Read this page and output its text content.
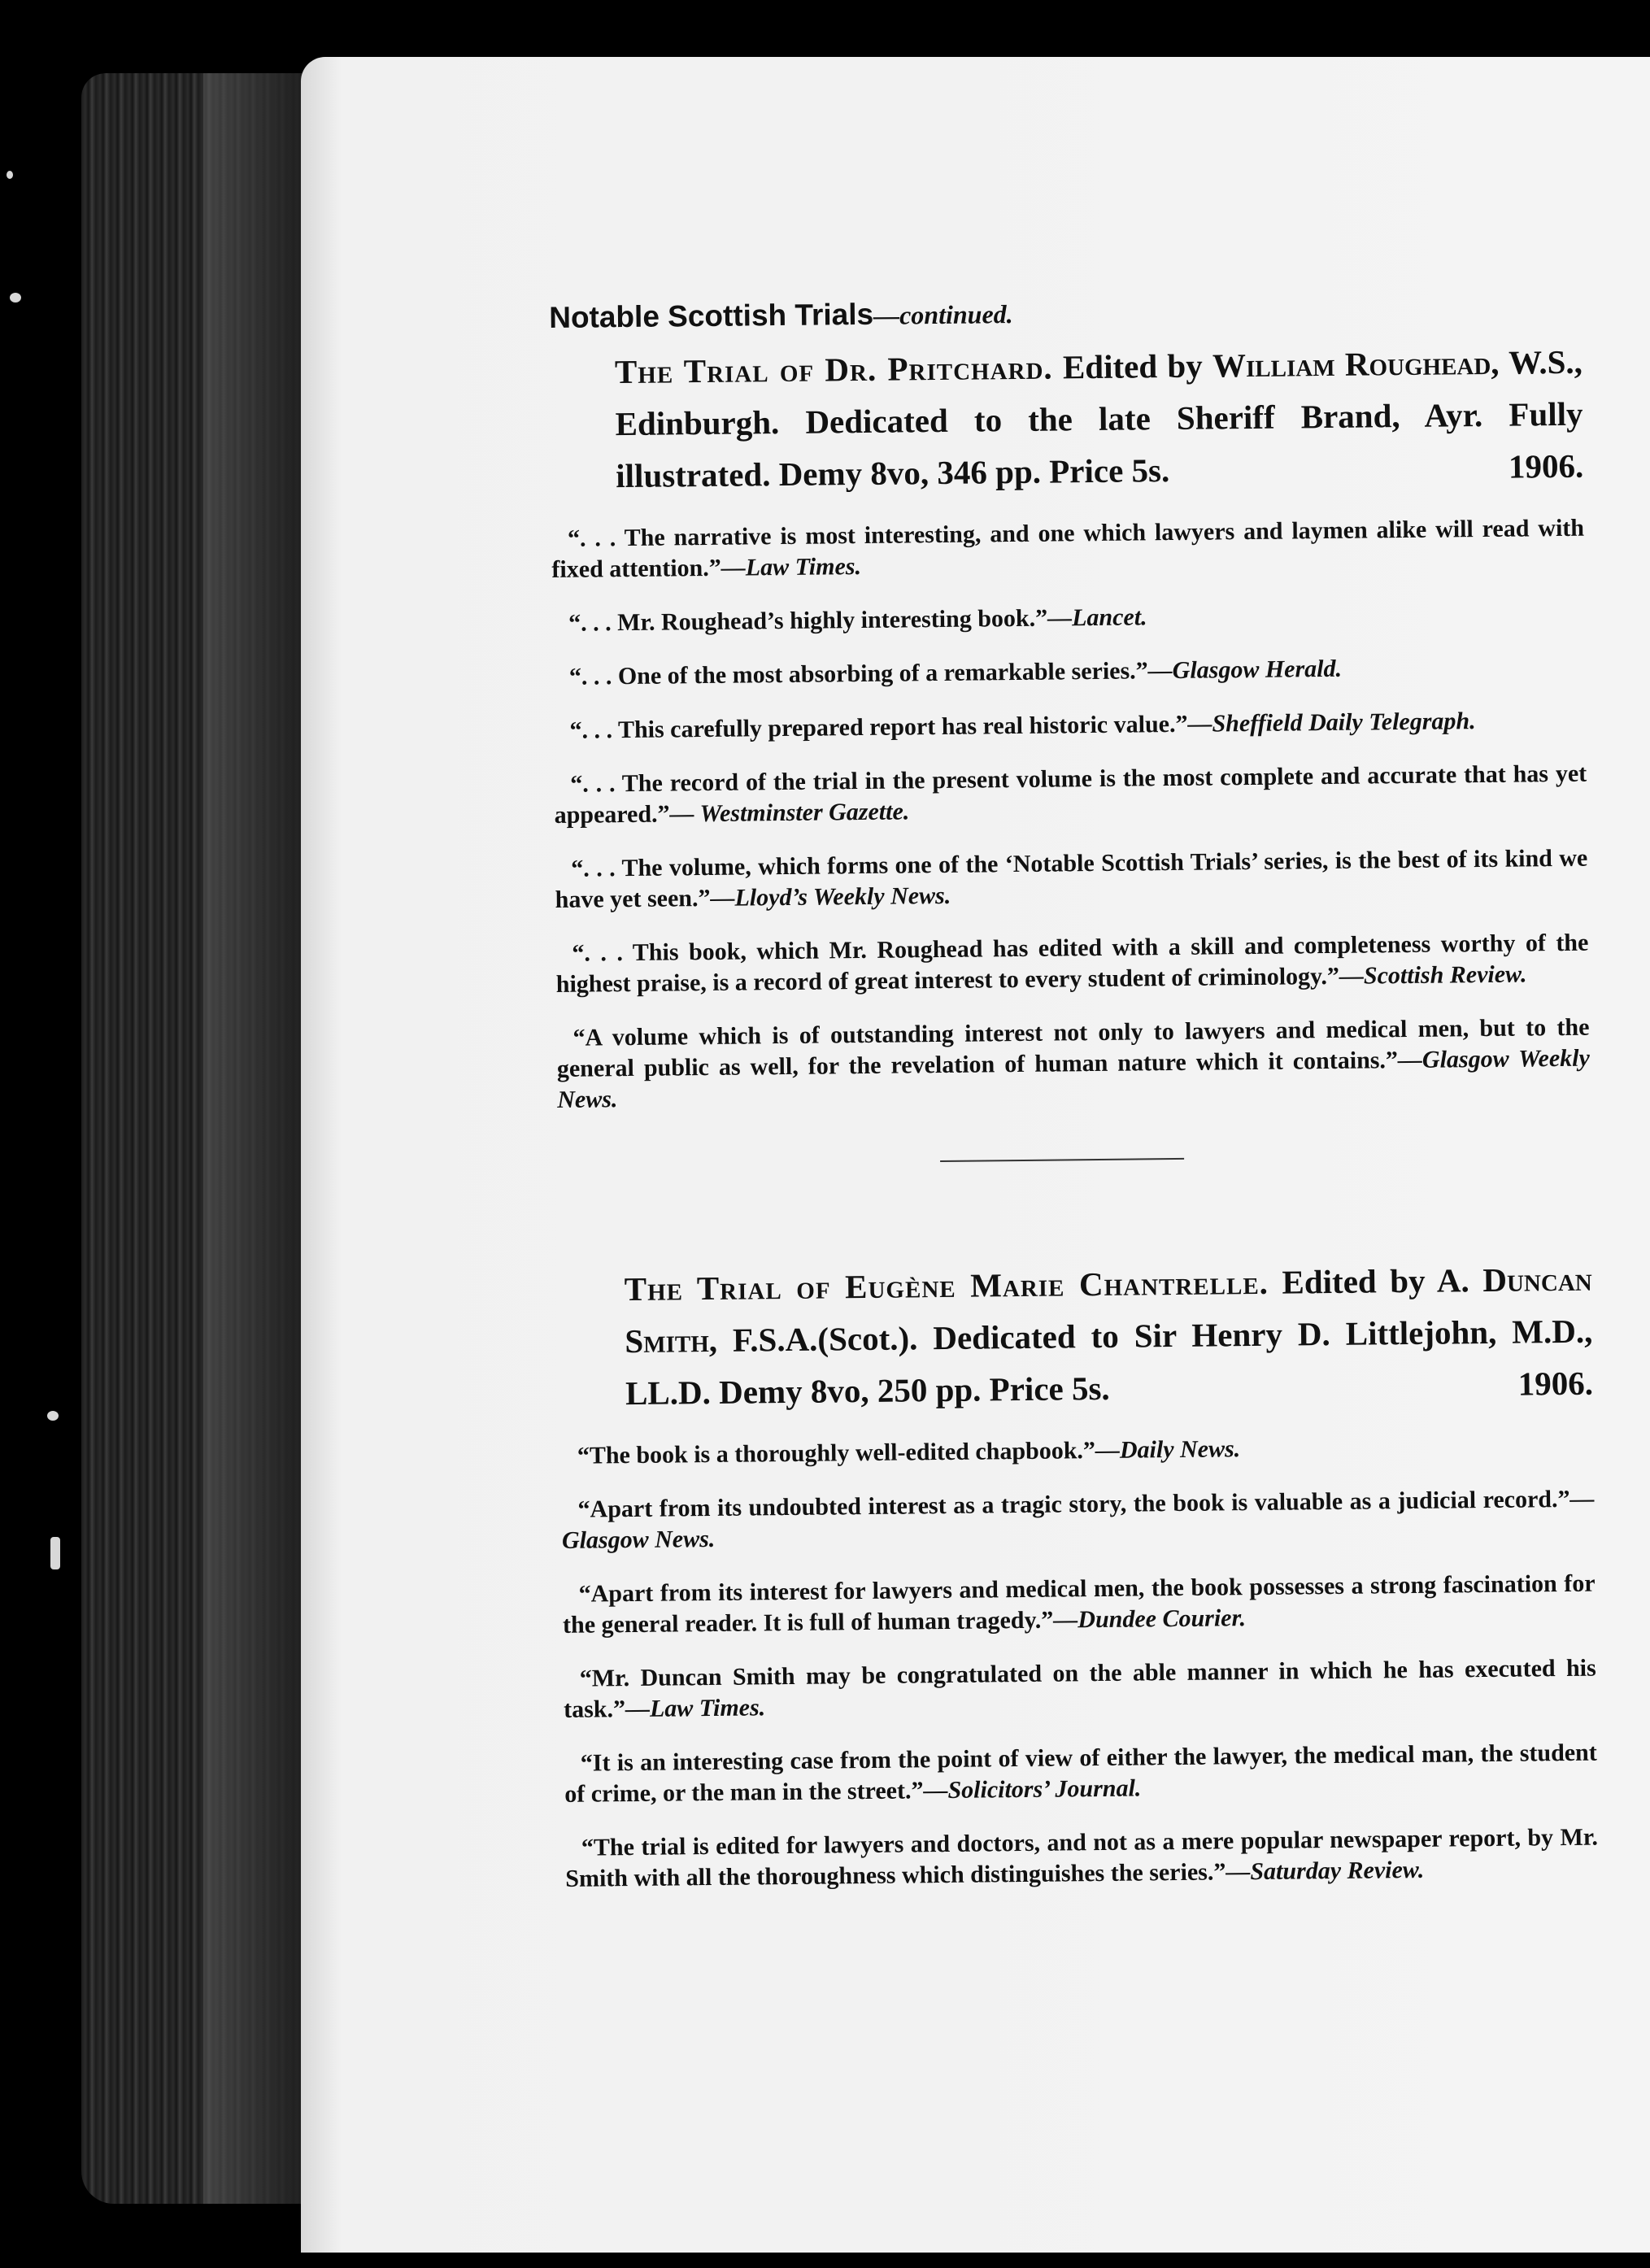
Notable Scottish Trials—continued.
The Trial of Dr. Pritchard. Edited by William Roughead, W.S., Edinburgh. Dedicated to the late Sheriff Brand, Ayr. Fully illustrated. Demy 8vo, 346 pp. Price 5s.	1906.

“. . . The narrative is most interesting, and one which lawyers and laymen alike will read with fixed attention.”—Law Times.

“. . . Mr. Roughead’s highly interesting book.”—Lancet.

“. . . One of the most absorbing of a remarkable series.”—Glasgow Herald.

“. . . This carefully prepared report has real historic value.”—Sheffield Daily Telegraph.

“. . . The record of the trial in the present volume is the most complete and accurate that has yet appeared.”— Westminster Gazette.

“. . . The volume, which forms one of the ‘Notable Scottish Trials’ series, is the best of its kind we have yet seen.”—Lloyd’s Weekly News.

“. . . This book, which Mr. Roughead has edited with a skill and completeness worthy of the highest praise, is a record of great interest to every student of criminology.”—Scottish Review.

“A volume which is of outstanding interest not only to lawyers and medical men, but to the general public as well, for the revelation of human nature which it contains.”—Glasgow Weekly News.

The Trial of Eugène Marie Chantrelle. Edited by A. Duncan Smith, F.S.A.(Scot.). Dedicated to Sir Henry D. Littlejohn, M.D., LL.D. Demy 8vo, 250 pp. Price 5s.	1906.

“The book is a thoroughly well-edited chapbook.”—Daily News.

“Apart from its undoubted interest as a tragic story, the book is valuable as a judicial record.”—Glasgow News.

“Apart from its interest for lawyers and medical men, the book possesses a strong fascination for the general reader. It is full of human tragedy.”—Dundee Courier.

“Mr. Duncan Smith may be congratulated on the able manner in which he has executed his task.”—Law Times.

“It is an interesting case from the point of view of either the lawyer, the medical man, the student of crime, or the man in the street.”—Solicitors’ Journal.

“The trial is edited for lawyers and doctors, and not as a mere popular newspaper report, by Mr. Smith with all the thoroughness which distinguishes the series.”—Saturday Review.
